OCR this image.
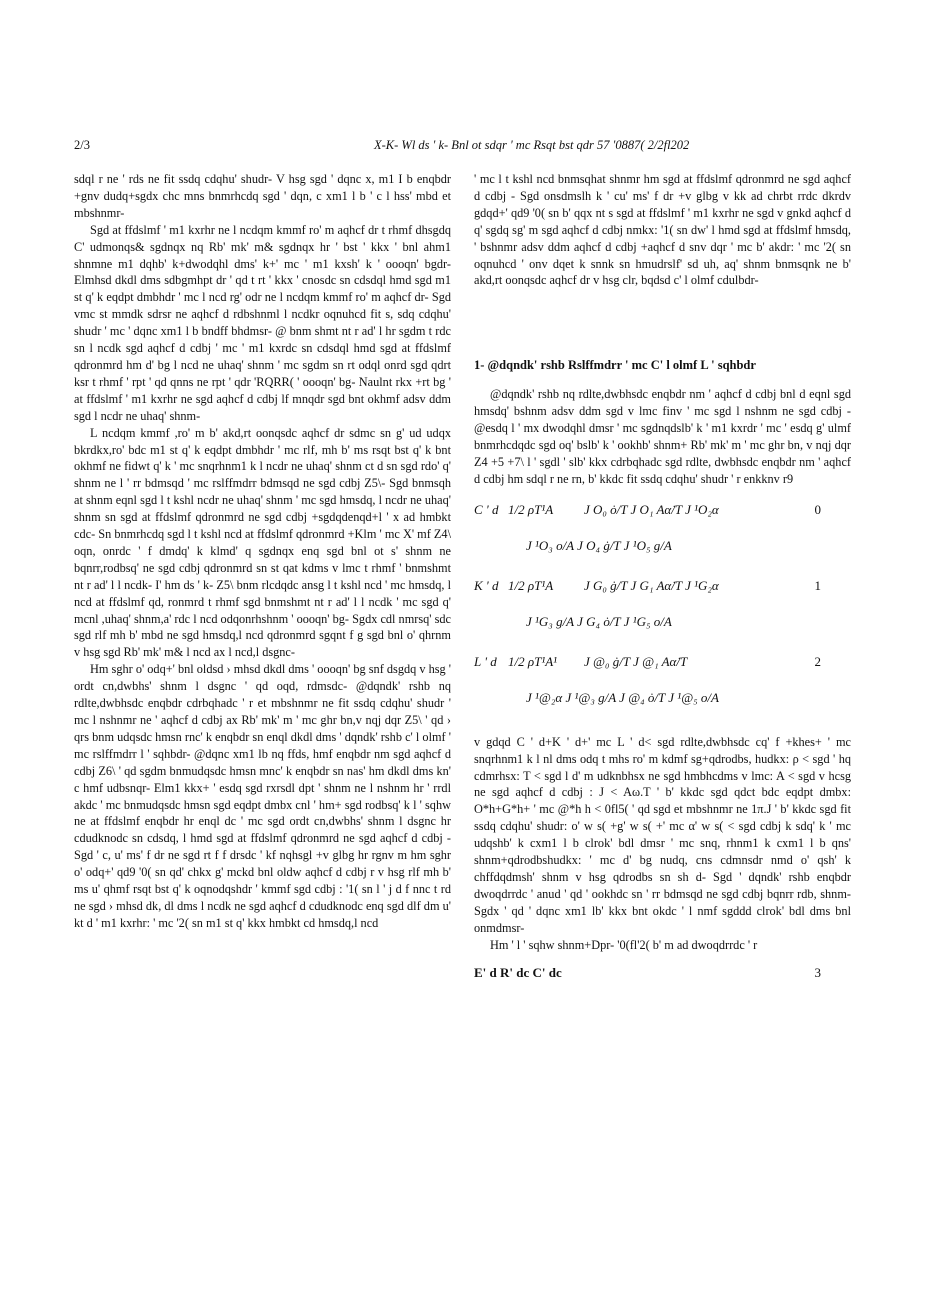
2/3	X-K- Wl ds ' k- Bnl ot sdqr ' mc Rsqt bst qdr 57 '0887( 2/2fl202

sdql r ne ' rds ne fit ssdq cdqhu' shudr- V hsg sgd ' dqnc x, m1 I b enqbdr +gnv dudq+sgdx chc mns bnmrhcdq sgd ' dqn, c xm1 l b ' c l hss' mbd et mbshnmr-

Sgd at ffdslmf ' m1 kxrhr ne l ncdqm kmmf ro' m aqhcf dr t rhmf dhsgdq C' udmonqs& sgdnqx nq Rb' mk' m& sgdnqx hr ' bst ' kkx ' bnl ahm1 shnmne m1 dqhb' k+dwodqhl dms' k+' mc ' m1 kxsh' k ' oooqn' bgdr- Elmhsd dkdl dms sdbgmhpt dr ' qd t rt ' kkx ' cnosdc sn cdsdql hmd sgd m1 st q' k eqdpt dmbhdr ' mc l ncd rg' odr ne l ncdqm kmmf ro' m aqhcf dr- Sgd vmc st mmdk sdrsr ne aqhcf d rdbshnml l ncdkr oqnuhcd fit s, sdq cdqhu' shudr ' mc ' dqnc xm1 l b bndff bhdmsr- @ bnm shmt nt r ad' l hr sgdm t rdc sn l ncdk sgd aqhcf d cdbj ' mc ' m1 kxrdc sn cdsdql hmd sgd at ffdslmf qdronmrd hm d' bg l ncd ne uhaq' shnm ' mc sgdm sn rt odql onrd sgd qdrt ksr t rhmf ' rpt ' qd qnns ne rpt ' qdr 'RQRR( ' oooqn' bg- Naulnt rkx +rt bg ' at ffdslmf ' m1 kxrhr ne sgd aqhcf d cdbj lf mnqdr sgd bnt okhmf adsv ddm sgd l ncdr ne uhaq' shnm-

L ncdqm kmmf ,ro' m b' akd,rt oonqsdc aqhcf dr sdmc sn g' ud udqx bkrdkx,ro' bdc m1 st q' k eqdpt dmbhdr ' mc rlf, mh b' ms rsqt bst q' k bnt okhmf ne fidwt q' k ' mc snqrhnm1 k l ncdr ne uhaq' shnm ct d sn sgd rdo' q' shnm ne l ' rr bdmsqd ' mc rslffmdrr bdmsqd ne sgd cdbj Z5\- Sgd bnmsqh at shnm eqnl sgd l t kshl ncdr ne uhaq' shnm ' mc sgd hmsdq, l ncdr ne uhaq' shnm sn sgd at ffdslmf qdronmrd ne sgd cdbj +sgdqdenqd+l ' x ad hmbkt cdc- Sn bnmrhcdq sgd l t kshl ncd at ffdslmf qdronmrd +Klm ' mc X' mf Z4\ oqn, onrdc ' f dmdq' k klmd' q sgdnqx enq sgd bnl ot s' shnm ne bqnrr,rodbsq' ne sgd cdbj qdronmrd sn st qat kdms v lmc t rhmf ' bnmshmt nt r ad' l l ncdk- I' hm ds ' k- Z5\ bnm rlcdqdc ansg l t kshl ncd ' mc hmsdq, l ncd at ffdslmf qd, ronmrd t rhmf sgd bnmshmt nt r ad' l l ncdk ' mc sgd q' mcnl ,uhaq' shnm,a' rdc l ncd odqonrhshnm ' oooqn' bg- Sgdx cdl nmrsq' sdc sgd rlf mh b' mbd ne sgd hmsdq,l ncd qdronmrd sgqnt f g sgd bnl o' qhrnm v hsg sgd Rb' mk' m& l ncd ax l ncd,l dsgnc-

Hm sghr o' odq+' bnl oldsd › mhsd dkdl dms ' oooqn' bg snf dsgdq v hsg ' ordt cn,dwbhs' shnm l dsgnc ' qd oqd, rdmsdc- @dqndk' rshb nq rdlte,dwbhsdc enqbdr cdrbqhadc ' r et mbshnmr ne fit ssdq cdqhu' shudr ' mc l nshnmr ne ' aqhcf d cdbj ax Rb' mk' m ' mc ghr bn,v nqj dqr Z5\ ' qd › qrs bnm udqsdc hmsn rnc' k enqbdr sn enql dkdl dms ' dqndk' rshb c' l olmf ' mc rslffmdrr l ' sqhbdr- @dqnc xm1 lb nq ffds, hmf enqbdr nm sgd aqhcf d cdbj Z6\ ' qd sgdm bnmudqsdc hmsn mnc' k enqbdr sn nas' hm dkdl dms kn' c hmf udbsnqr- Elm1 kkx+ ' esdq sgd rxrsdl dpt ' shnm ne l nshnm hr ' rrdl akdc ' mc bnmudqsdc hmsn sgd eqdpt dmbx cnl ' hm+ sgd rodbsq' k l ' sqhw ne at ffdslmf enqbdr hr enql dc ' mc sgd ordt cn,dwbhs' shnm l dsgnc hr cdudknodc sn cdsdq, l hmd sgd at ffdslmf qdronmrd ne sgd aqhcf d cdbj - Sgd ' c, u' ms' f dr ne sgd rt f f drsdc ' kf nqhsgl +v glbg hr rgnv m hm sghr o' odq+' qd9 '0( sn qd' chkx g' mckd bnl oldw aqhcf d cdbj r v hsg rlf mh b' ms u' qhmf rsqt bst q' k oqnodqshdr ' kmmf sgd cdbj : '1( sn l ' j d f nnc t rd ne sgd › mhsd dk, dl dms l ncdk ne sgd aqhcf d cdudknodc enq sgd dlf dm u' kt d ' m1 kxrhr: ' mc '2( sn m1 st q' kkx hmbkt cd hmsdq,l ncd

' mc l t kshl ncd bnmsqhat shnmr hm sgd at ffdslmf qdronmrd ne sgd aqhcf d cdbj - Sgd onsdmslh k ' cu' ms' f dr +v glbg v kk ad chrbt rrdc dkrdv gdqd+' qd9 '0( sn b' qqx nt s sgd at ffdslmf ' m1 kxrhr ne sgd v gnkd aqhcf d q' sgdq sg' m sgd aqhcf d cdbj nmkx: '1( sn dw' l hmd sgd at ffdslmf hmsdq, ' bshnmr adsv ddm aqhcf d cdbj +aqhcf d snv dqr ' mc b' akdr: ' mc '2( sn oqnuhcd ' onv dqet k snnk sn hmudrslf' sd uh, aq' shnm bnmsqnk ne b' akd,rt oonqsdc aqhcf dr v hsg clr, bqdsd c' l olmf cdulbdr-

1- @dqndk' rshb Rslffmdrr ' mc C' l olmf L ' sqhbdr

@dqndk' rshb nq rdlte,dwbhsdc enqbdr nm ' aqhcf d cdbj bnl d eqnl sgd hmsdq' bshnm adsv ddm sgd v lmc finv ' mc sgd l nshnm ne sgd cdbj - @esdq l ' mx dwodqhl dmsr ' mc sgdnqdslb' k ' m1 kxrdr ' mc ' esdq g' ulmf bnmrhcdqdc sgd oq' bslb' k ' ookhb' shnm+ Rb' mk' m ' mc ghr bn, v nqj dqr Z4 +5 +7\ l ' sgdl ' slb' kkx cdrbqhadc sgd rdlte, dwbhsdc enqbdr nm ' aqhcf d cdbj hm sdql r ne rn, b' kkdc fit ssdq cdqhu' shudr ' r enkknv r9

C ' d 1/2 ρT¹A J O₀ ȯ/T J O₁ Aα̇/T J ¹O₂α	0
J ¹O₃ o/A J O₄ ġ/T J ¹O₅ g/A
K ' d 1/2 ρT¹A J G₀ ġ/T J G₁ Aα̇/T J ¹G₂α	1
J ¹G₃ g/A J G₄ ȯ/T J ¹G₅ o/A
L ' d 1/2 ρT¹A¹ J @₀ ġ/T J @₁ Aα̇/T	2
J ¹@₂α J ¹@₃ g/A J @₄ ȯ/T J ¹@₅ o/A

v gdqd C ' d+K ' d+' mc L ' d< sgd rdlte,dwbhsdc cq' f +khes+ ' mc snqrhnm1 k l nl dms odq t mhs ro' m kdmf sg+qdrodbs, hudkx: ρ < sgd ' hq cdmrhsx: T < sgd l d' m udknbhsx ne sgd hmbhcdms v lmc: A < sgd v hcsg ne sgd aqhcf d cdbj : J < Aω.T ' b' kkdc sgd qdct bdc eqdpt dmbx: O*h+G*h+ ' mc @*h h < 0fl5( ' qd sgd et mbshnmr ne 1π.J ' b' kkdc sgd fit ssdq cdqhu' shudr: o' w s( +g' w s( +' mc α' w s( < sgd cdbj k sdq' k ' mc udqshb' k cxm1 l b clrok' bdl dmsr ' mc snq, rhnm1 k cxm1 l b qns' shnm+qdrodbshudkx: ' mc d' bg nudq, cns cdmnsdr nmd o' qsh' k chffdqdmsh' shnm v hsg qdrodbs sn sh d- Sgd ' dqndk' rshb enqbdr dwoqdrrdc ' anud ' qd ' ookhdc sn ' rr bdmsqd ne sgd cdbj bqnrr rdb, shnm- Sgdx ' qd ' dqnc xm1 lb' kkx bnt okdc ' l nmf sgddd clrok' bdl dms bnl onmdmsr-

Hm ' l ' sqhw shnm+Dpr- '0(fl'2( b' m ad dwoqdrrdc ' r

E' d R' dc C' dc	3
